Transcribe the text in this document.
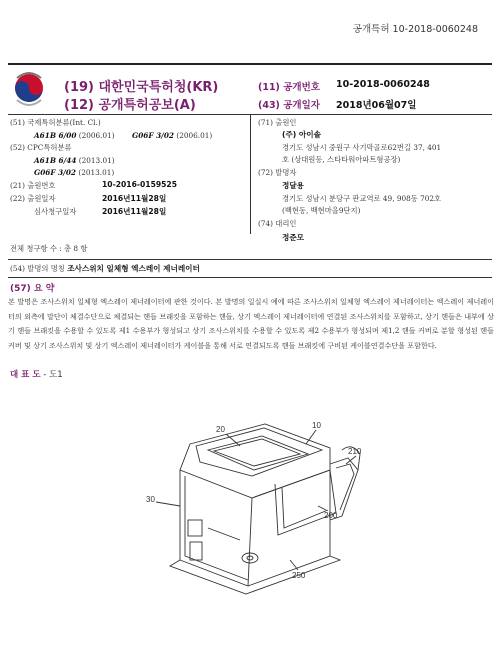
공개특허 10-2018-0060248
(19) 대한민국특허청(KR)
(12) 공개특허공보(A)
(11) 공개번호 10-2018-0060248
(43) 공개일자 2018년06월07일
(51) 국제특허분류(Int. Cl.)
A61B 6/00 (2006.01) G06F 3/02 (2006.01)
(52) CPC특허분류
A61B 6/44 (2013.01)
G06F 3/02 (2013.01)
(21) 출원번호	10-2016-0159525
(22) 출원일자	2016년11월28일
심사청구일자	2016년11월28일
(71) 출원인
(주) 아이솔
경기도 성남시 중원구 사기막골로62번길 37, 401
호 (상대원동, 스타타워아파트형공장)
(72) 발명자
정달용
경기도 성남시 분당구 판교역로 49, 908동 702호
(백현동, 백현마을9단지)
(74) 대리인
정준모
전체 청구항 수 : 총 8 항
(54) 발명의 명칭 조사스위치 일체형 엑스레이 제너레이터
(57) 요 약
본 발명은 조사스위치 일체형 엑스레이 제너레이터에 관한 것이다. 본 발명의 일실시 예에 따른 조사스위치 일체형 엑스레이 제너레이터는 엑스레이 제너레이터의 외측에 말단이 체결수단으로 체결되는 핸들 브래킷을 포함하는 핸들, 상기 엑스레이 제너레이터에 연결된 조사스위치를 포함하고, 상기 핸들은 내부에 상기 핸들 브래킷을 수용할 수 있도록 제1 수용부가 형성되고 상기 조사스위치를 수용할 수 있도록 제2 수용부가 형성되며 제1,2 핸들 커버로 분할 형성된 핸들 커버 및 상기 조사스위치 및 상기 엑스레이 제너레이터가 케이블을 통해 서로 연결되도록 핸들 브래킷에 구비된 케이블연결수단을 포함한다.
대 표 도 - 도1
20	10
210
30
200
250
